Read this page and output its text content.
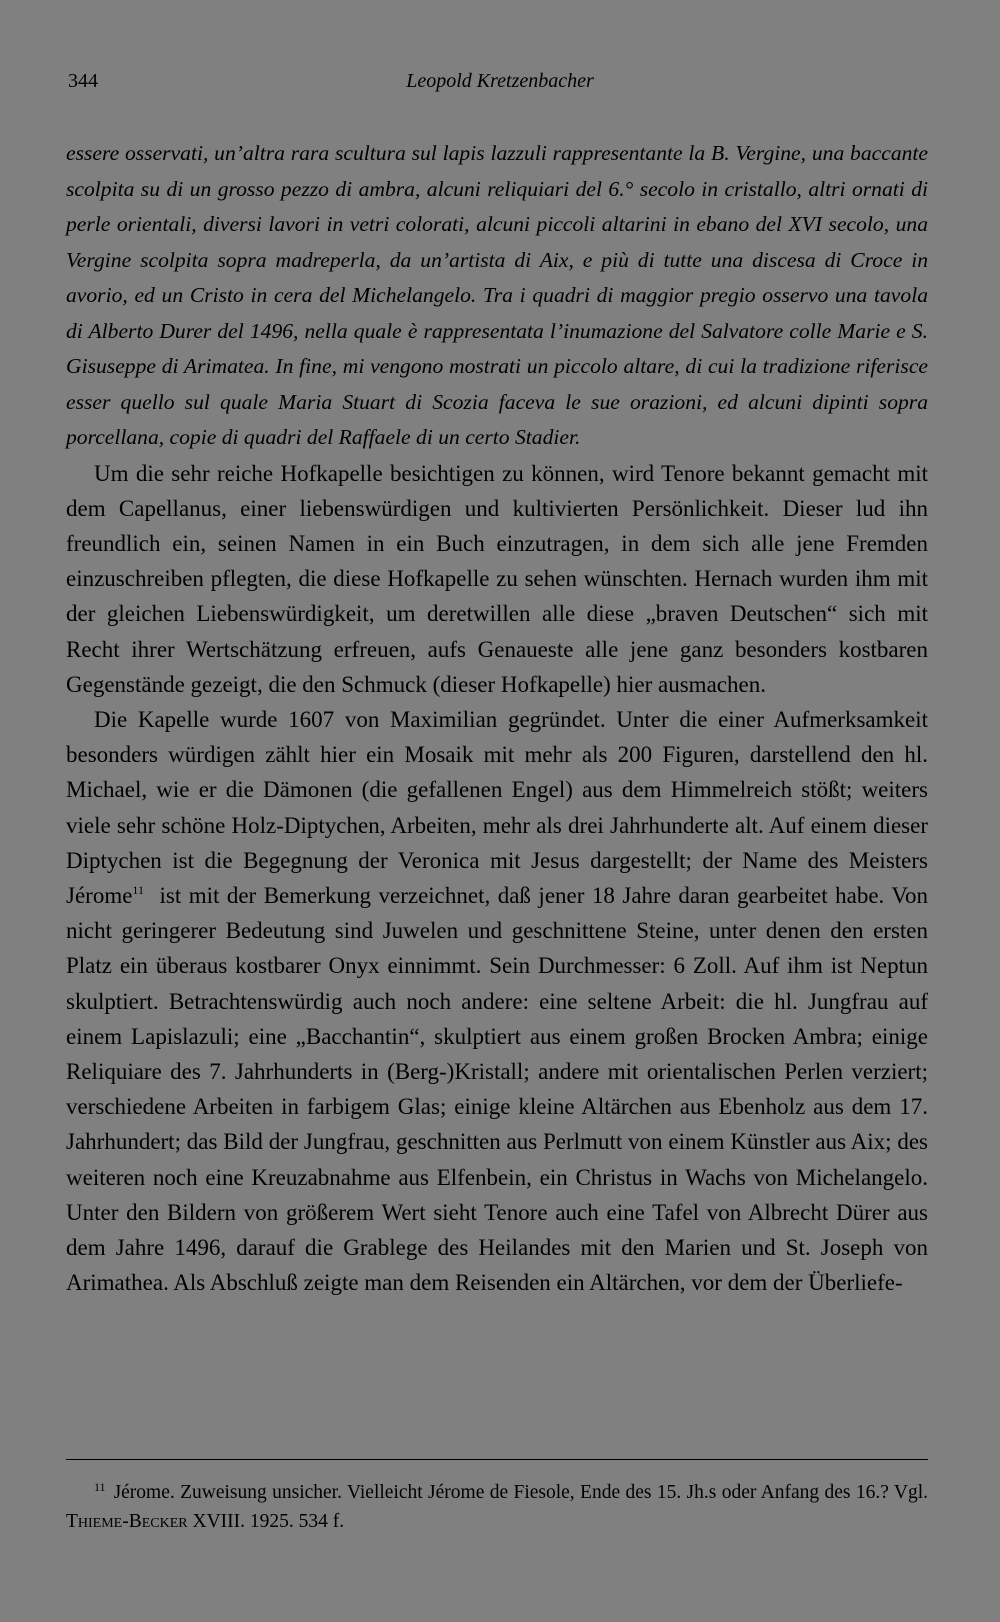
344	Leopold Kretzenbacher

essere osservati, un’altra rara scultura sul lapis lazzuli rappresentante la B. Vergine, una baccante scolpita su di un grosso pezzo di ambra, alcuni reliquiari del 6.° secolo in cristallo, altri ornati di perle orientali, diversi lavori in vetri colorati, alcuni piccoli altarini in ebano del XVI secolo, una Vergine scolpita sopra madreperla, da un’artista di Aix, e più di tutte una discesa di Croce in avorio, ed un Cristo in cera del Michelangelo. Tra i quadri di maggior pregio osservo una tavola di Alberto Durer del 1496, nella quale è rappresentata l’inumazione del Salvatore colle Marie e S. Gisuseppe di Arimatea. In fine, mi vengono mostrati un piccolo altare, di cui la tradizione riferisce esser quello sul quale Maria Stuart di Scozia faceva le sue orazioni, ed alcuni dipinti sopra porcellana, copie di quadri del Raffaele di un certo Stadier.

Um die sehr reiche Hofkapelle besichtigen zu können, wird Tenore bekannt gemacht mit dem Capellanus, einer liebenswürdigen und kultivierten Persönlichkeit. Dieser lud ihn freundlich ein, seinen Namen in ein Buch einzutragen, in dem sich alle jene Fremden einzuschreiben pflegten, die diese Hofkapelle zu sehen wünschten. Hernach wurden ihm mit der gleichen Liebenswürdigkeit, um deretwillen alle diese „braven Deutschen“ sich mit Recht ihrer Wertschätzung erfreuen, aufs Genaueste alle jene ganz besonders kostbaren Gegenstände gezeigt, die den Schmuck (dieser Hofkapelle) hier ausmachen.

Die Kapelle wurde 1607 von Maximilian gegründet. Unter die einer Aufmerksamkeit besonders würdigen zählt hier ein Mosaik mit mehr als 200 Figuren, darstellend den hl. Michael, wie er die Dämonen (die gefallenen Engel) aus dem Himmelreich stößt; weiters viele sehr schöne Holz-Diptychen, Arbeiten, mehr als drei Jahrhunderte alt. Auf einem dieser Diptychen ist die Begegnung der Veronica mit Jesus dargestellt; der Name des Meisters Jérome$^{11}$ ist mit der Bemerkung verzeichnet, daß jener 18 Jahre daran gearbeitet habe. Von nicht geringerer Bedeutung sind Juwelen und geschnittene Steine, unter denen den ersten Platz ein überaus kostbarer Onyx einnimmt. Sein Durchmesser: 6 Zoll. Auf ihm ist Neptun skulptiert. Betrachtenswürdig auch noch andere: eine seltene Arbeit: die hl. Jungfrau auf einem Lapislazuli; eine „Bacchantin“, skulptiert aus einem großen Brocken Ambra; einige Reliquiare des 7. Jahrhunderts in (Berg-)Kristall; andere mit orientalischen Perlen verziert; verschiedene Arbeiten in farbigem Glas; einige kleine Altärchen aus Ebenholz aus dem 17. Jahrhundert; das Bild der Jungfrau, geschnitten aus Perlmutt von einem Künstler aus Aix; des weiteren noch eine Kreuzabnahme aus Elfenbein, ein Christus in Wachs von Michelangelo. Unter den Bildern von größerem Wert sieht Tenore auch eine Tafel von Albrecht Dürer aus dem Jahre 1496, darauf die Grablege des Heilandes mit den Marien und St. Joseph von Arimathea. Als Abschluß zeigte man dem Reisenden ein Altärchen, vor dem der Überliefe-

$^{11}$ Jérome. Zuweisung unsicher. Vielleicht Jérome de Fiesole, Ende des 15. Jh.s oder Anfang des 16.? Vgl. Thieme-Becker XVIII. 1925. 534 f.
